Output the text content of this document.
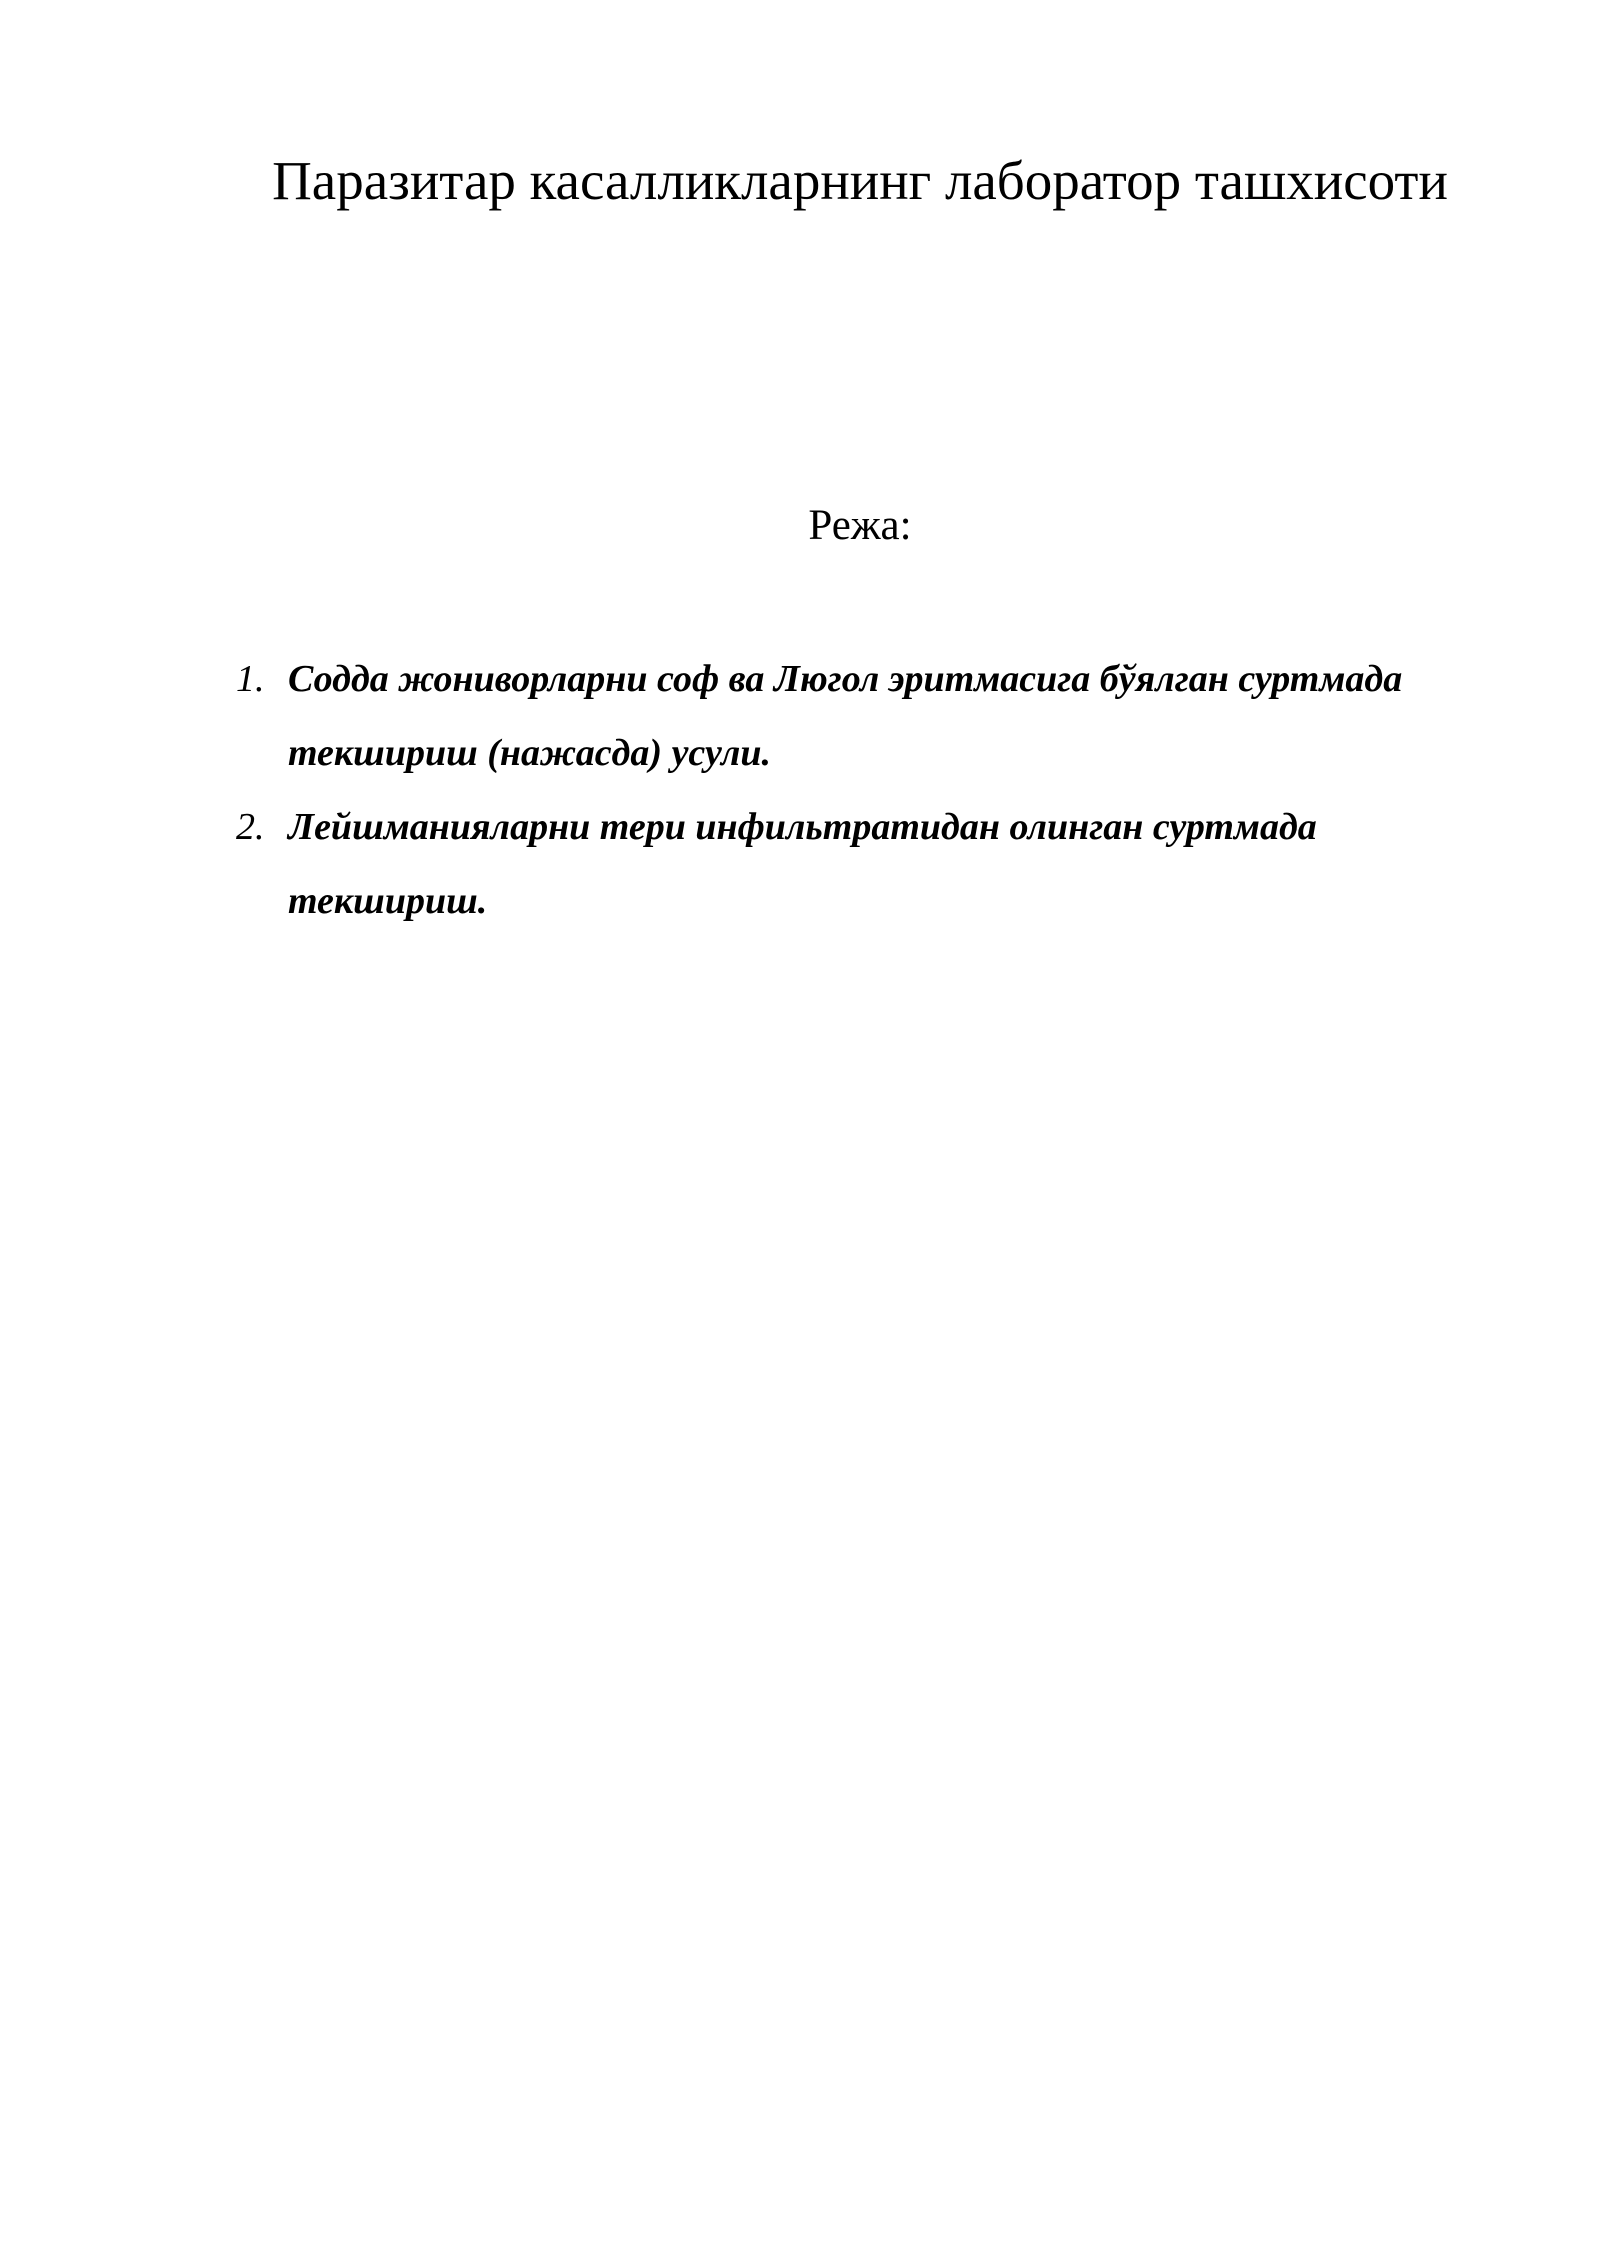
Паразитар касалликларнинг лаборатор ташхисоти
Режа:
1. Содда жониворларни соф ва Люгол эритмасига бўялган суртмада текшириш (нажасда) усули.
2. Лейшманияларни тери инфильтратидан олинган суртмада текшириш.
